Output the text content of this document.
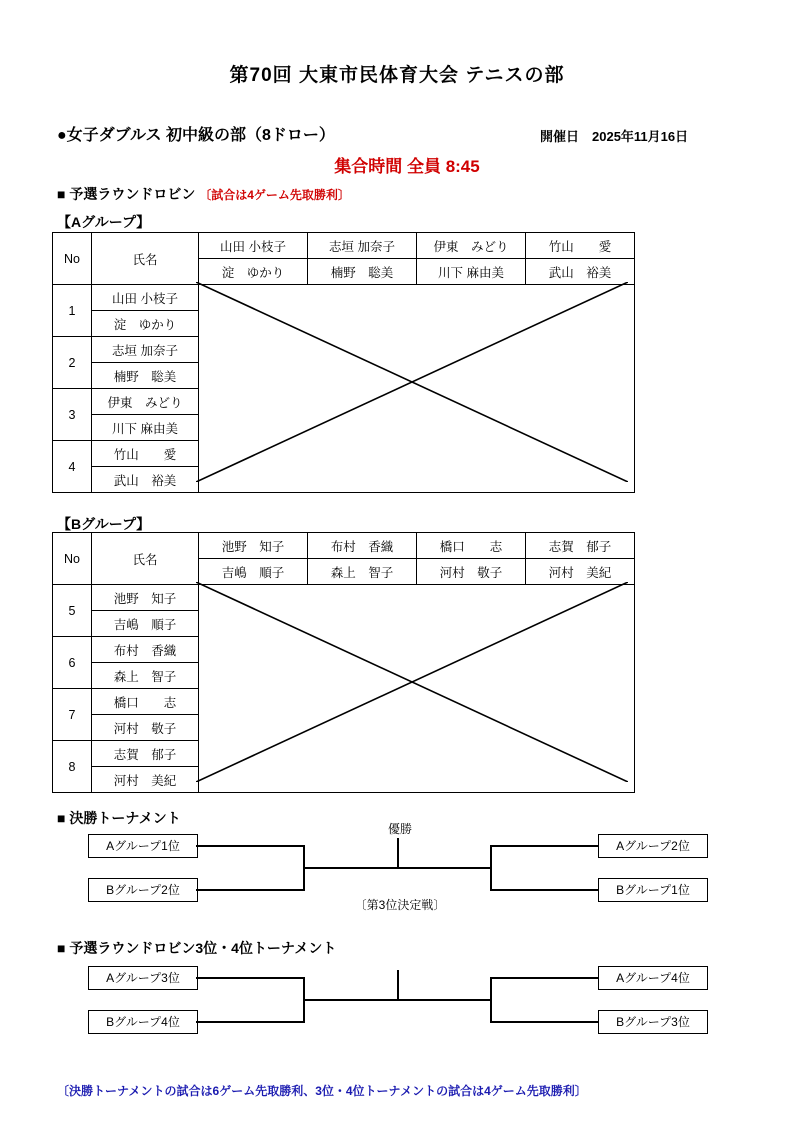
第70回 大東市民体育大会 テニスの部
●女子ダブルス 初中級の部（8ドロー）	開催日　2025年11月16日
集合時間 全員 8:45
■ 予選ラウンドロビン 〔試合は4ゲーム先取勝利〕
【Aグループ】
No	氏名	山田 小枝子	志垣 加奈子	伊東　みどり	竹山　　愛
		淀　ゆかり	楠野　聡美	川下 麻由美	武山　裕美
1	山田 小枝子				
	淀　ゆかり				
2	志垣 加奈子				
	楠野　聡美				
3	伊東　みどり				
	川下 麻由美				
4	竹山　　愛				
	武山　裕美				
【Bグループ】
No	氏名	池野　知子	布村　香織	橋口　　志	志賀　郁子
		吉嶋　順子	森上　智子	河村　敬子	河村　美紀
5	池野　知子				
	吉嶋　順子				
6	布村　香織				
	森上　智子				
7	橋口　　志				
	河村　敬子				
8	志賀　郁子				
	河村　美紀				
■ 決勝トーナメント
優勝
〔第3位決定戦〕
Aグループ1位
Bグループ2位
Aグループ2位
Bグループ1位
■ 予選ラウンドロビン3位・4位トーナメント
Aグループ3位
Bグループ4位
Aグループ4位
Bグループ3位
〔決勝トーナメントの試合は6ゲーム先取勝利、3位・4位トーナメントの試合は4ゲーム先取勝利〕
